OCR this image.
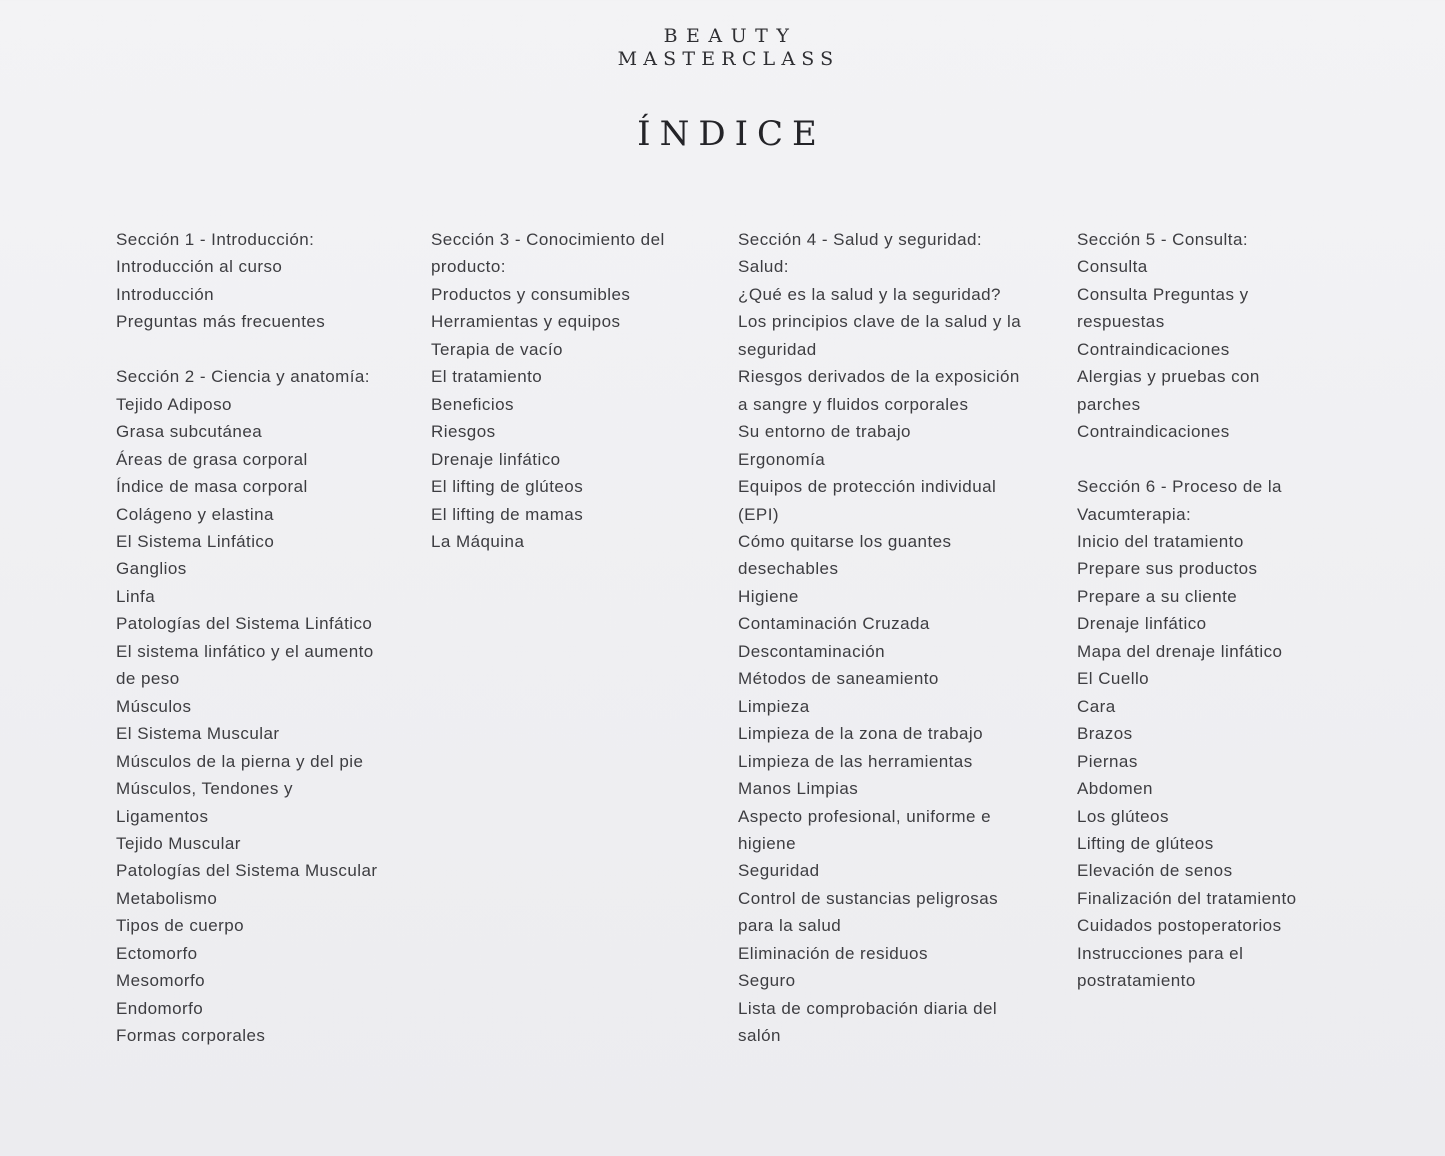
BEAUTY
MASTERCLASS
ÍNDICE
Sección 1 - Introducción:
Introducción al curso
Introducción
Preguntas más frecuentes
Sección 2 - Ciencia y anatomía:
Tejido Adiposo
Grasa subcutánea
Áreas de grasa corporal
Índice de masa corporal
Colágeno y elastina
El Sistema Linfático
Ganglios
Linfa
Patologías del Sistema Linfático
El sistema linfático y el aumento
de peso
Músculos
El Sistema Muscular
Músculos de la pierna y del pie
Músculos, Tendones y
Ligamentos
Tejido Muscular
Patologías del Sistema Muscular
Metabolismo
Tipos de cuerpo
Ectomorfo
Mesomorfo
Endomorfo
Formas corporales
Sección 3 - Conocimiento del
producto:
Productos y consumibles
Herramientas y equipos
Terapia de vacío
El tratamiento
Beneficios
Riesgos
Drenaje linfático
El lifting de glúteos
El lifting de mamas
La Máquina
Sección 4 - Salud y seguridad:
Salud:
¿Qué es la salud y la seguridad?
Los principios clave de la salud y la
seguridad
Riesgos derivados de la exposición
a sangre y fluidos corporales
Su entorno de trabajo
Ergonomía
Equipos de protección individual
(EPI)
Cómo quitarse los guantes
desechables
Higiene
Contaminación Cruzada
Descontaminación
Métodos de saneamiento
Limpieza
Limpieza de la zona de trabajo
Limpieza de las herramientas
Manos Limpias
Aspecto profesional, uniforme e
higiene
Seguridad
Control de sustancias peligrosas
para la salud
Eliminación de residuos
Seguro
Lista de comprobación diaria del
salón
Sección 5 - Consulta:
Consulta
Consulta Preguntas y
respuestas
Contraindicaciones
Alergias y pruebas con
parches
Contraindicaciones
Sección 6 - Proceso de la
Vacumterapia:
Inicio del tratamiento
Prepare sus productos
Prepare a su cliente
Drenaje linfático
Mapa del drenaje linfático
El Cuello
Cara
Brazos
Piernas
Abdomen
Los glúteos
Lifting de glúteos
Elevación de senos
Finalización del tratamiento
Cuidados postoperatorios
Instrucciones para el
postratamiento
